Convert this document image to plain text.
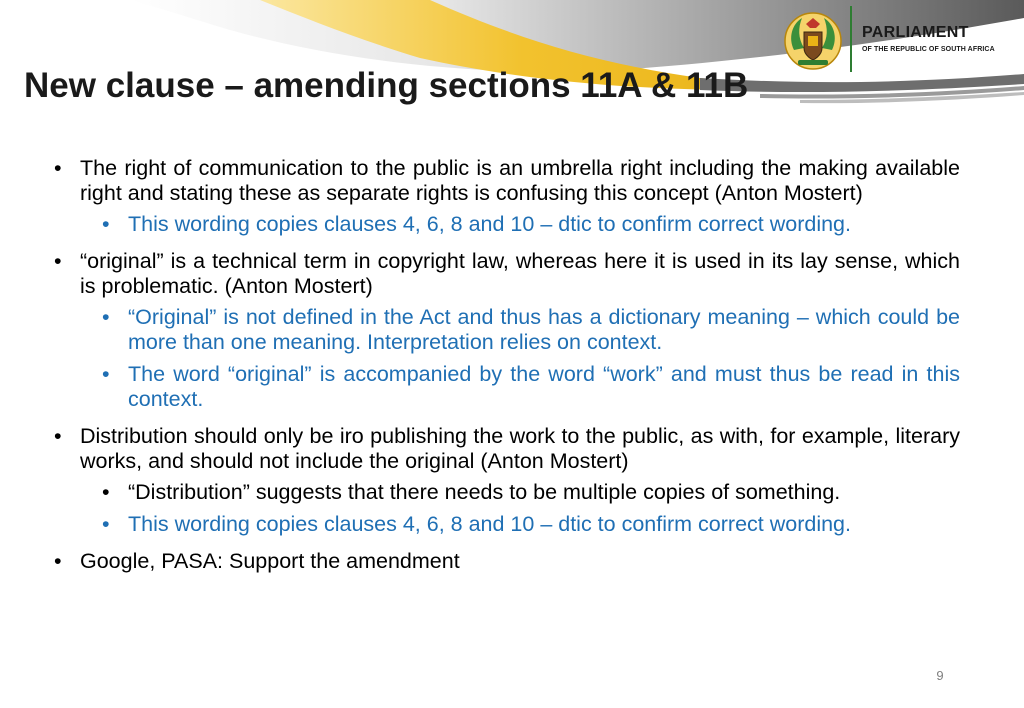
PARLIAMENT
OF THE REPUBLIC OF SOUTH AFRICA
New clause – amending sections 11A & 11B
• The right of communication to the public is an umbrella right including the making available right and stating these as separate rights is confusing this concept (Anton Mostert)
• This wording copies clauses 4, 6, 8 and 10 – dtic to confirm correct wording.
• “original” is a technical term in copyright law, whereas here it is used in its lay sense, which is problematic. (Anton Mostert)
• “Original” is not defined in the Act and thus has a dictionary meaning – which could be more than one meaning. Interpretation relies on context.
• The word “original” is accompanied by the word “work” and must thus be read in this context.
• Distribution should only be iro publishing the work to the public, as with, for example, literary works, and should not include the original (Anton Mostert)
• “Distribution” suggests that there needs to be multiple copies of something.
• This wording copies clauses 4, 6, 8 and 10 – dtic to confirm correct wording.
• Google, PASA: Support the amendment
9
